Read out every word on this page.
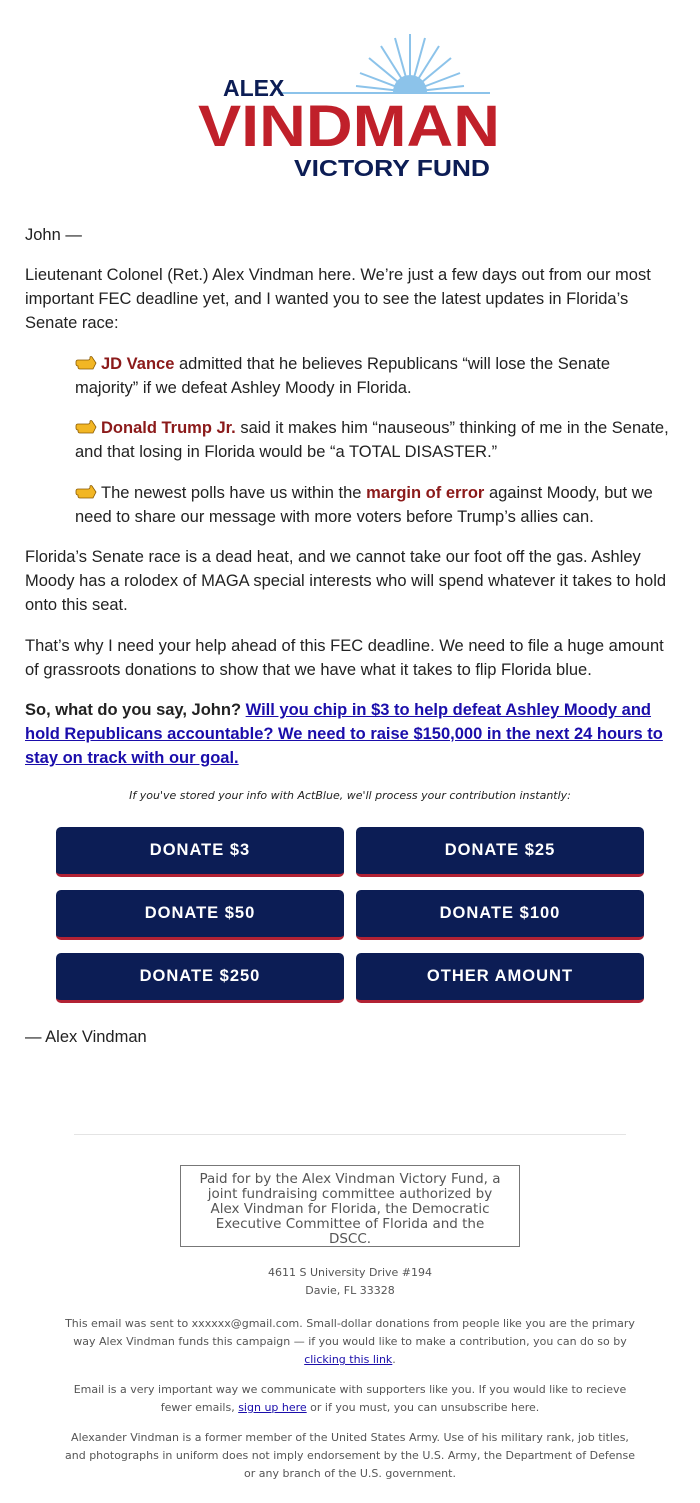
ALEX
VINDMAN
VICTORY FUND
John —
Lieutenant Colonel (Ret.) Alex Vindman here. We’re just a few days out from our most important FEC deadline yet, and I wanted you to see the latest updates in Florida’s Senate race:
JD Vance admitted that he believes Republicans “will lose the Senate majority” if we defeat Ashley Moody in Florida.
Donald Trump Jr. said it makes him “nauseous” thinking of me in the Senate, and that losing in Florida would be “a TOTAL DISASTER.”
The newest polls have us within the margin of error against Moody, but we need to share our message with more voters before Trump’s allies can.
Florida’s Senate race is a dead heat, and we cannot take our foot off the gas. Ashley Moody has a rolodex of MAGA special interests who will spend whatever it takes to hold onto this seat.
That’s why I need your help ahead of this FEC deadline. We need to file a huge amount of grassroots donations to show that we have what it takes to flip Florida blue.
So, what do you say, John? Will you chip in $3 to help defeat Ashley Moody and hold Republicans accountable? We need to raise $150,000 in the next 24 hours to stay on track with our goal.
If you've stored your info with ActBlue, we'll process your contribution instantly:
DONATE $3	DONATE $25
DONATE $50	DONATE $100
DONATE $250	OTHER AMOUNT
— Alex Vindman
Paid for by the Alex Vindman Victory Fund, a joint fundraising committee authorized by Alex Vindman for Florida, the Democratic Executive Committee of Florida and the DSCC.
4611 S University Drive #194
Davie, FL 33328
This email was sent to xxxxxx@gmail.com. Small-dollar donations from people like you are the primary way Alex Vindman funds this campaign — if you would like to make a contribution, you can do so by clicking this link.
Email is a very important way we communicate with supporters like you. If you would like to recieve fewer emails, sign up here or if you must, you can unsubscribe here.
Alexander Vindman is a former member of the United States Army. Use of his military rank, job titles, and photographs in uniform does not imply endorsement by the U.S. Army, the Department of Defense or any branch of the U.S. government.
